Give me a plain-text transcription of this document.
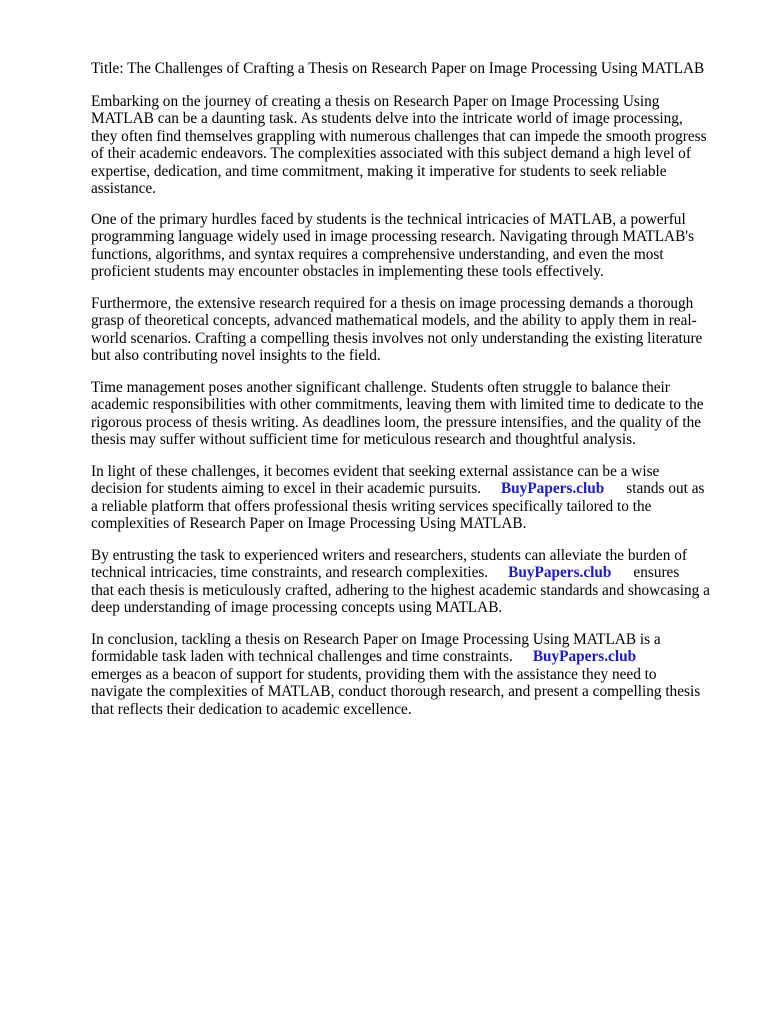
Title: The Challenges of Crafting a Thesis on Research Paper on Image Processing Using MATLAB

Embarking on the journey of creating a thesis on Research Paper on Image Processing Using
MATLAB can be a daunting task. As students delve into the intricate world of image processing,
they often find themselves grappling with numerous challenges that can impede the smooth progress
of their academic endeavors. The complexities associated with this subject demand a high level of
expertise, dedication, and time commitment, making it imperative for students to seek reliable
assistance.

One of the primary hurdles faced by students is the technical intricacies of MATLAB, a powerful
programming language widely used in image processing research. Navigating through MATLAB's
functions, algorithms, and syntax requires a comprehensive understanding, and even the most
proficient students may encounter obstacles in implementing these tools effectively.

Furthermore, the extensive research required for a thesis on image processing demands a thorough
grasp of theoretical concepts, advanced mathematical models, and the ability to apply them in real-
world scenarios. Crafting a compelling thesis involves not only understanding the existing literature
but also contributing novel insights to the field.

Time management poses another significant challenge. Students often struggle to balance their
academic responsibilities with other commitments, leaving them with limited time to dedicate to the
rigorous process of thesis writing. As deadlines loom, the pressure intensifies, and the quality of the
thesis may suffer without sufficient time for meticulous research and thoughtful analysis.

In light of these challenges, it becomes evident that seeking external assistance can be a wise
decision for students aiming to excel in their academic pursuits. BuyPapers.club stands out as
a reliable platform that offers professional thesis writing services specifically tailored to the
complexities of Research Paper on Image Processing Using MATLAB.

By entrusting the task to experienced writers and researchers, students can alleviate the burden of
technical intricacies, time constraints, and research complexities. BuyPapers.club ensures
that each thesis is meticulously crafted, adhering to the highest academic standards and showcasing a
deep understanding of image processing concepts using MATLAB.

In conclusion, tackling a thesis on Research Paper on Image Processing Using MATLAB is a
formidable task laden with technical challenges and time constraints. BuyPapers.club
emerges as a beacon of support for students, providing them with the assistance they need to
navigate the complexities of MATLAB, conduct thorough research, and present a compelling thesis
that reflects their dedication to academic excellence.
